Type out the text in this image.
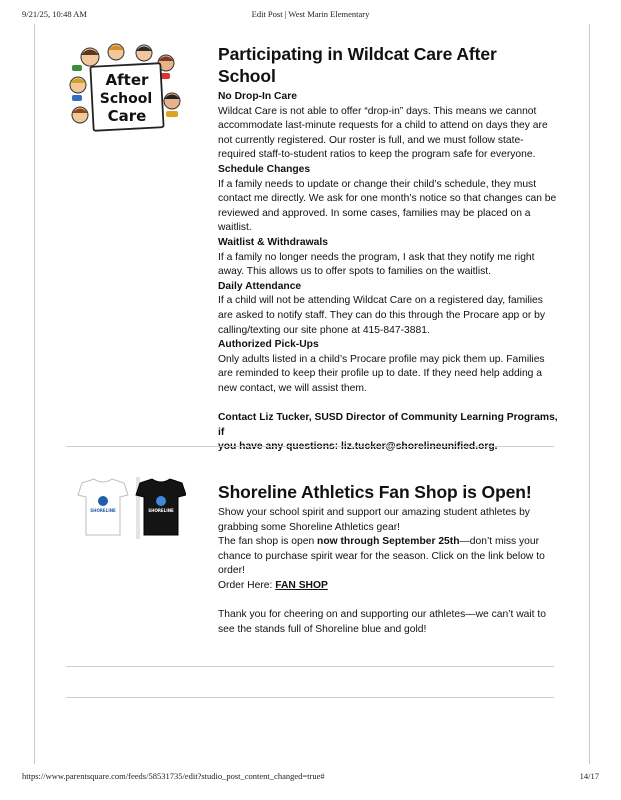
9/21/25, 10:48 AM	Edit Post | West Marin Elementary
After
School
Care
Participating in Wildcat Care After School

No Drop-In Care

Wildcat Care is not able to offer “drop-in” days. This means we cannot

accommodate last-minute requests for a child to attend on days they are

not currently registered. Our roster is full, and we must follow state-

required staff-to-student ratios to keep the program safe for everyone.

Schedule Changes

If a family needs to update or change their child’s schedule, they must

contact me directly. We ask for one month’s notice so that changes can be

reviewed and approved. In some cases, families may be placed on a

waitlist.

Waitlist & Withdrawals

If a family no longer needs the program, I ask that they notify me right

away. This allows us to offer spots to families on the waitlist.

Daily Attendance

If a child will not be attending Wildcat Care on a registered day, families

are asked to notify staff. They can do this through the Procare app or by

calling/texting our site phone at 415-847-3881.

Authorized Pick-Ups

Only adults listed in a child’s Procare profile may pick them up. Families

are reminded to keep their profile up to date. If they need help adding a

new contact, we will assist them.

Contact Liz Tucker, SUSD Director of Community Learning Programs, if

SHORELINE	SHORELINE
Shoreline Athletics Fan Shop is Open!

Show your school spirit and support our amazing student athletes by

grabbing some Shoreline Athletics gear!

The fan shop is open now through September 25th—don’t miss your

chance to purchase spirit wear for the season. Click on the link below to

order!

Order Here: FAN SHOP

Thank you for cheering on and supporting our athletes—we can’t wait to

see the stands full of Shoreline blue and gold!

https://www.parentsquare.com/feeds/58531735/edit?studio_post_content_changed=true#	14/17
